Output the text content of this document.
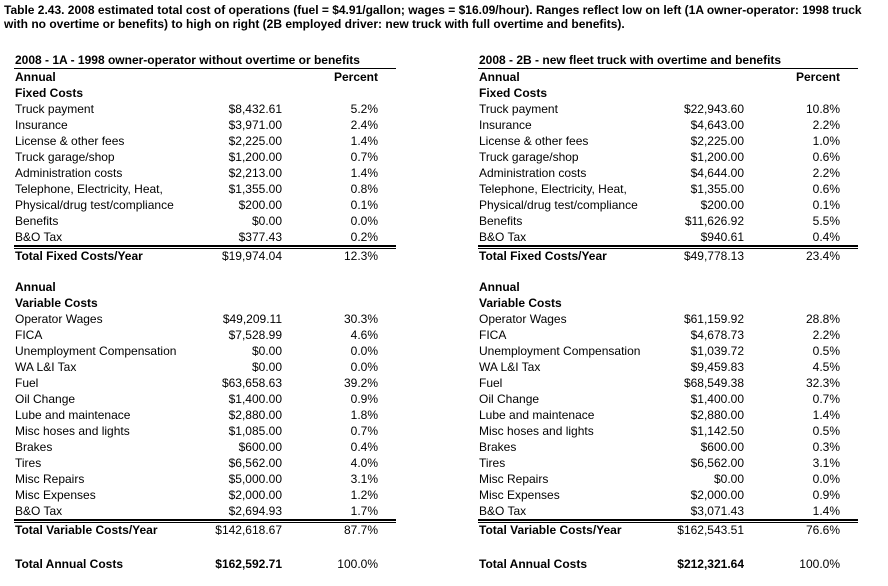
Table 2.43. 2008 estimated total cost of operations (fuel = $4.91/gallon; wages = $16.09/hour). Ranges reflect low on left (1A owner-operator: 1998 truck with no overtime or benefits) to high on right (2B employed driver: new truck with full overtime and benefits).
2008 - 1A - 1998 owner-operator without overtime or benefits
Annual	Percent
Fixed Costs
Truck payment	$8,432.61	5.2%
Insurance	$3,971.00	2.4%
License & other fees	$2,225.00	1.4%
Truck garage/shop	$1,200.00	0.7%
Administration costs	$2,213.00	1.4%
Telephone, Electricity, Heat,	$1,355.00	0.8%
Physical/drug test/compliance	$200.00	0.1%
Benefits	$0.00	0.0%
B&O Tax	$377.43	0.2%
Total Fixed Costs/Year	$19,974.04	12.3%
Annual
Variable Costs
Operator Wages	$49,209.11	30.3%
FICA	$7,528.99	4.6%
Unemployment Compensation	$0.00	0.0%
WA L&I Tax	$0.00	0.0%
Fuel	$63,658.63	39.2%
Oil Change	$1,400.00	0.9%
Lube and maintenace	$2,880.00	1.8%
Misc hoses and lights	$1,085.00	0.7%
Brakes	$600.00	0.4%
Tires	$6,562.00	4.0%
Misc Repairs	$5,000.00	3.1%
Misc Expenses	$2,000.00	1.2%
B&O Tax	$2,694.93	1.7%
Total Variable Costs/Year	$142,618.67	87.7%
Total Annual Costs	$162,592.71	100.0%
2008 - 2B - new fleet truck with overtime and benefits
Annual	Percent
Fixed Costs
Truck payment	$22,943.60	10.8%
Insurance	$4,643.00	2.2%
License & other fees	$2,225.00	1.0%
Truck garage/shop	$1,200.00	0.6%
Administration costs	$4,644.00	2.2%
Telephone, Electricity, Heat,	$1,355.00	0.6%
Physical/drug test/compliance	$200.00	0.1%
Benefits	$11,626.92	5.5%
B&O Tax	$940.61	0.4%
Total Fixed Costs/Year	$49,778.13	23.4%
Annual
Variable Costs
Operator Wages	$61,159.92	28.8%
FICA	$4,678.73	2.2%
Unemployment Compensation	$1,039.72	0.5%
WA L&I Tax	$9,459.83	4.5%
Fuel	$68,549.38	32.3%
Oil Change	$1,400.00	0.7%
Lube and maintenace	$2,880.00	1.4%
Misc hoses and lights	$1,142.50	0.5%
Brakes	$600.00	0.3%
Tires	$6,562.00	3.1%
Misc Repairs	$0.00	0.0%
Misc Expenses	$2,000.00	0.9%
B&O Tax	$3,071.43	1.4%
Total Variable Costs/Year	$162,543.51	76.6%
Total Annual Costs	$212,321.64	100.0%
